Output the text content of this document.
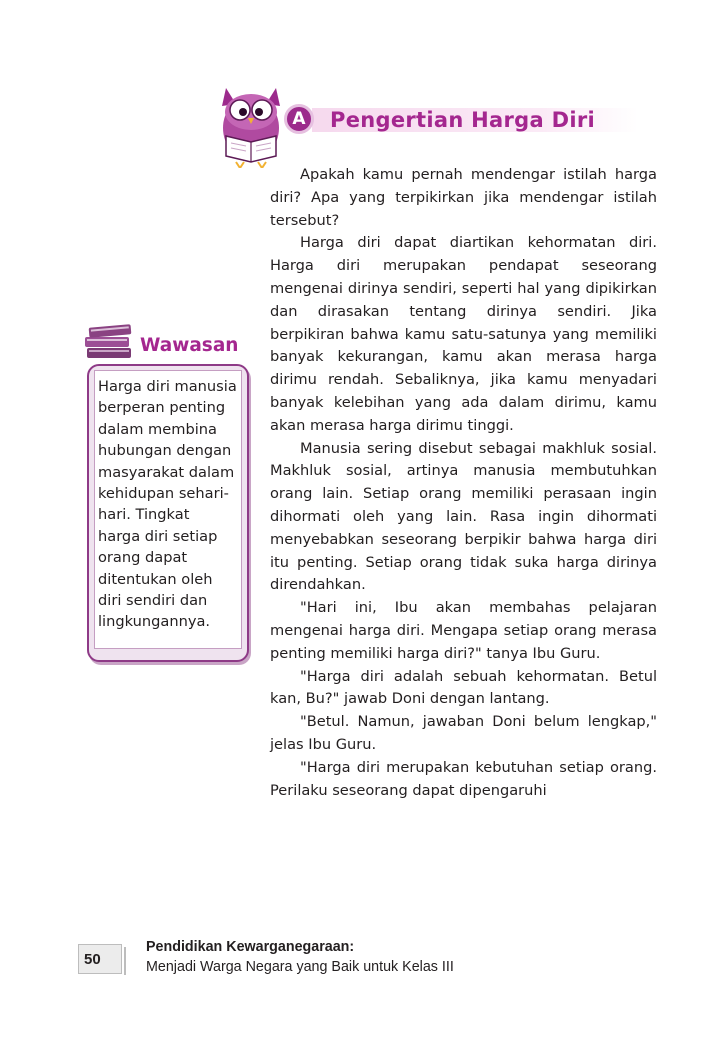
A	Pengertian Harga Diri

Apakah kamu pernah mendengar istilah harga diri? Apa yang terpikirkan jika mendengar istilah tersebut?

Harga diri dapat diartikan kehormatan diri. Harga diri merupakan pendapat seseorang mengenai dirinya sendiri, seperti hal yang dipikirkan dan dirasakan tentang dirinya sendiri. Jika berpikiran bahwa kamu satu-satunya yang memiliki banyak kekurangan, kamu akan merasa harga dirimu rendah. Sebaliknya, jika kamu menyadari banyak kelebihan yang ada dalam dirimu, kamu akan merasa harga dirimu tinggi.

Manusia sering disebut sebagai makhluk sosial. Makhluk sosial, artinya manusia membutuhkan orang lain. Setiap orang memiliki perasaan ingin dihormati oleh yang lain. Rasa ingin dihormati menyebabkan seseorang berpikir bahwa harga diri itu penting. Setiap orang tidak suka harga dirinya direndahkan.

"Hari ini, Ibu akan membahas pelajaran mengenai harga diri. Mengapa setiap orang merasa penting memiliki harga diri?" tanya Ibu Guru.

"Harga diri adalah sebuah kehormatan. Betul kan, Bu?" jawab Doni dengan lantang.

"Betul. Namun, jawaban Doni belum lengkap," jelas Ibu Guru.

"Harga diri merupakan kebutuhan setiap orang. Perilaku seseorang dapat dipengaruhi

Wawasan
Harga diri manusia
berperan penting
dalam membina
hubungan dengan
masyarakat dalam
kehidupan sehari-
hari. Tingkat
harga diri setiap
orang dapat
ditentukan oleh
diri sendiri dan
lingkungannya.
50
Pendidikan Kewarganegaraan:
Menjadi Warga Negara yang Baik untuk Kelas III
